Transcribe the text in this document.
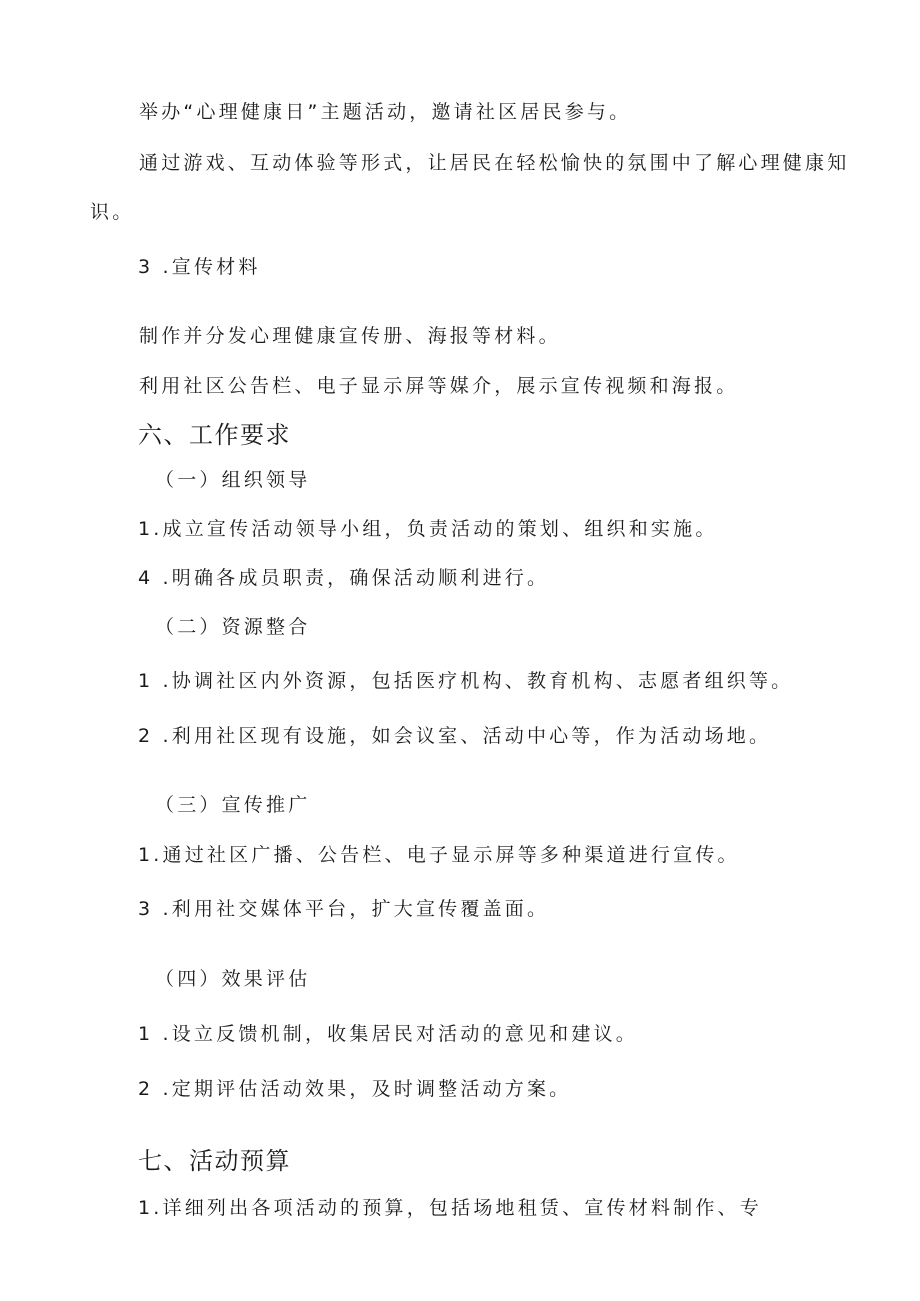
举办“心理健康日”主题活动，邀请社区居民参与。
通过游戏、互动体验等形式，让居民在轻松愉快的氛围中了解心理健康知
识。
3 .宣传材料
制作并分发心理健康宣传册、海报等材料。
利用社区公告栏、电子显示屏等媒介，展示宣传视频和海报。
六、工作要求
（一）组织领导
1.成立宣传活动领导小组，负责活动的策划、组织和实施。
4 .明确各成员职责，确保活动顺利进行。
（二）资源整合
1 .协调社区内外资源，包括医疗机构、教育机构、志愿者组织等。
2 .利用社区现有设施，如会议室、活动中心等，作为活动场地。
（三）宣传推广
1.通过社区广播、公告栏、电子显示屏等多种渠道进行宣传。
3 .利用社交媒体平台，扩大宣传覆盖面。
（四）效果评估
1 .设立反馈机制，收集居民对活动的意见和建议。
2 .定期评估活动效果，及时调整活动方案。
七、活动预算
1.详细列出各项活动的预算，包括场地租赁、宣传材料制作、专
